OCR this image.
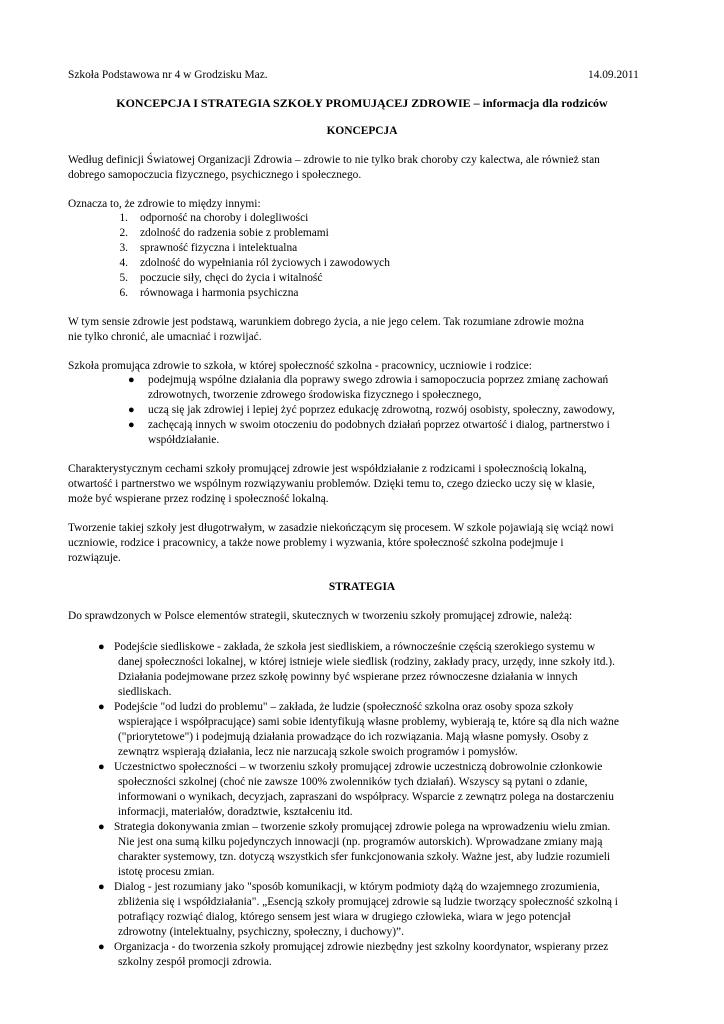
Szkoła Podstawowa nr 4 w Grodzisku Maz.	14.09.2011
KONCEPCJA I STRATEGIA SZKOŁY PROMUJĄCEJ ZDROWIE – informacja dla rodziców
KONCEPCJA
Według definicji Światowej Organizacji Zdrowia – zdrowie to nie tylko brak choroby czy kalectwa, ale również stan
dobrego samopoczucia fizycznego, psychicznego i społecznego.
Oznacza to, że zdrowie to między innymi:
1. odporność na choroby i dolegliwości
2. zdolność do radzenia sobie z problemami
3. sprawność fizyczna i intelektualna
4. zdolność do wypełniania ról życiowych i zawodowych
5. poczucie siły, chęci do życia i witalność
6. równowaga i harmonia psychiczna
W tym sensie zdrowie jest podstawą, warunkiem dobrego życia, a nie jego celem. Tak rozumiane zdrowie można
nie tylko chronić, ale umacniać i rozwijać.
Szkoła promująca zdrowie to szkoła, w której społeczność szkolna - pracownicy, uczniowie i rodzice:
● podejmują wspólne działania dla poprawy swego zdrowia i samopoczucia poprzez zmianę zachowań
zdrowotnych, tworzenie zdrowego środowiska fizycznego i społecznego,
● uczą się jak zdrowiej i lepiej żyć poprzez edukację zdrowotną, rozwój osobisty, społeczny, zawodowy,
● zachęcają innych w swoim otoczeniu do podobnych działań poprzez otwartość i dialog, partnerstwo i
współdziałanie.
Charakterystycznym cechami szkoły promującej zdrowie jest współdziałanie z rodzicami i społecznością lokalną,
otwartość i partnerstwo we wspólnym rozwiązywaniu problemów. Dzięki temu to, czego dziecko uczy się w klasie,
może być wspierane przez rodzinę i społeczność lokalną.
Tworzenie takiej szkoły jest długotrwałym, w zasadzie niekończącym się procesem. W szkole pojawiają się wciąż nowi
uczniowie, rodzice i pracownicy, a także nowe problemy i wyzwania, które społeczność szkolna podejmuje i
rozwiązuje.
STRATEGIA
Do sprawdzonych w Polsce elementów strategii, skutecznych w tworzeniu szkoły promującej zdrowie, należą:
● Podejście siedliskowe - zakłada, że szkoła jest siedliskiem, a równocześnie częścią szerokiego systemu w
danej społeczności lokalnej, w której istnieje wiele siedlisk (rodziny, zakłady pracy, urzędy, inne szkoły itd.).
Działania podejmowane przez szkołę powinny być wspierane przez równoczesne działania w innych
siedliskach.
● Podejście "od ludzi do problemu" – zakłada, że ludzie (społeczność szkolna oraz osoby spoza szkoły
wspierające i współpracujące) sami sobie identyfikują własne problemy, wybierają te, które są dla nich ważne
("priorytetowe") i podejmują działania prowadzące do ich rozwiązania. Mają własne pomysły. Osoby z
zewnątrz wspierają działania, lecz nie narzucają szkole swoich programów i pomysłów.
● Uczestnictwo społeczności – w tworzeniu szkoły promującej zdrowie uczestniczą dobrowolnie członkowie
społeczności szkolnej (choć nie zawsze 100% zwolenników tych działań). Wszyscy są pytani o zdanie,
informowani o wynikach, decyzjach, zapraszani do współpracy. Wsparcie z zewnątrz polega na dostarczeniu
informacji, materiałów, doradztwie, kształceniu itd.
● Strategia dokonywania zmian – tworzenie szkoły promującej zdrowie polega na wprowadzeniu wielu zmian.
Nie jest ona sumą kilku pojedynczych innowacji (np. programów autorskich). Wprowadzane zmiany mają
charakter systemowy, tzn. dotyczą wszystkich sfer funkcjonowania szkoły. Ważne jest, aby ludzie rozumieli
istotę procesu zmian.
● Dialog - jest rozumiany jako "sposób komunikacji, w którym podmioty dążą do wzajemnego zrozumienia,
zbliżenia się i współdziałania". „Esencją szkoły promującej zdrowie są ludzie tworzący społeczność szkolną i
potrafiący rozwiąć dialog, którego sensem jest wiara w drugiego człowieka, wiara w jego potencjał
zdrowotny (intelektualny, psychiczny, społeczny, i duchowy)”.
● Organizacja - do tworzenia szkoły promującej zdrowie niezbędny jest szkolny koordynator, wspierany przez
szkolny zespół promocji zdrowia.
